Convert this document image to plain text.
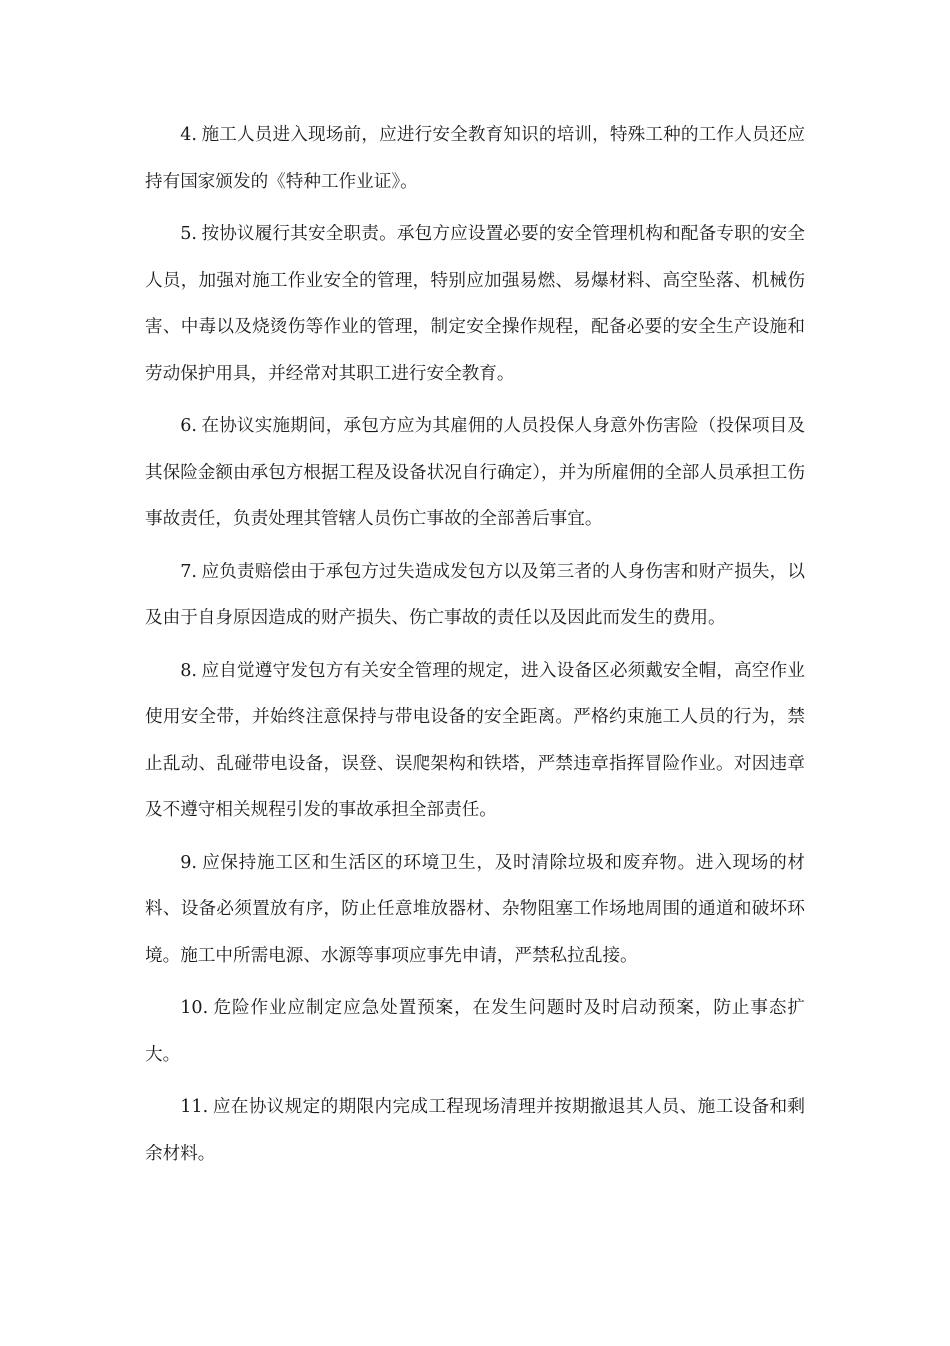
4. 施工人员进入现场前，应进行安全教育知识的培训，特殊工种的工作人员还应持有国家颁发的《特种工作业证》。

5. 按协议履行其安全职责。承包方应设置必要的安全管理机构和配备专职的安全人员，加强对施工作业安全的管理，特别应加强易燃、易爆材料、高空坠落、机械伤害、中毒以及烧烫伤等作业的管理，制定安全操作规程，配备必要的安全生产设施和劳动保护用具，并经常对其职工进行安全教育。

6. 在协议实施期间，承包方应为其雇佣的人员投保人身意外伤害险（投保项目及其保险金额由承包方根据工程及设备状况自行确定），并为所雇佣的全部人员承担工伤事故责任，负责处理其管辖人员伤亡事故的全部善后事宜。

7. 应负责赔偿由于承包方过失造成发包方以及第三者的人身伤害和财产损失，以及由于自身原因造成的财产损失、伤亡事故的责任以及因此而发生的费用。

8. 应自觉遵守发包方有关安全管理的规定，进入设备区必须戴安全帽，高空作业使用安全带，并始终注意保持与带电设备的安全距离。严格约束施工人员的行为，禁止乱动、乱碰带电设备，误登、误爬架构和铁塔，严禁违章指挥冒险作业。对因违章及不遵守相关规程引发的事故承担全部责任。

9. 应保持施工区和生活区的环境卫生，及时清除垃圾和废弃物。进入现场的材料、设备必须置放有序，防止任意堆放器材、杂物阻塞工作场地周围的通道和破坏环境。施工中所需电源、水源等事项应事先申请，严禁私拉乱接。

10. 危险作业应制定应急处置预案，在发生问题时及时启动预案，防止事态扩大。

11. 应在协议规定的期限内完成工程现场清理并按期撤退其人员、施工设备和剩余材料。
